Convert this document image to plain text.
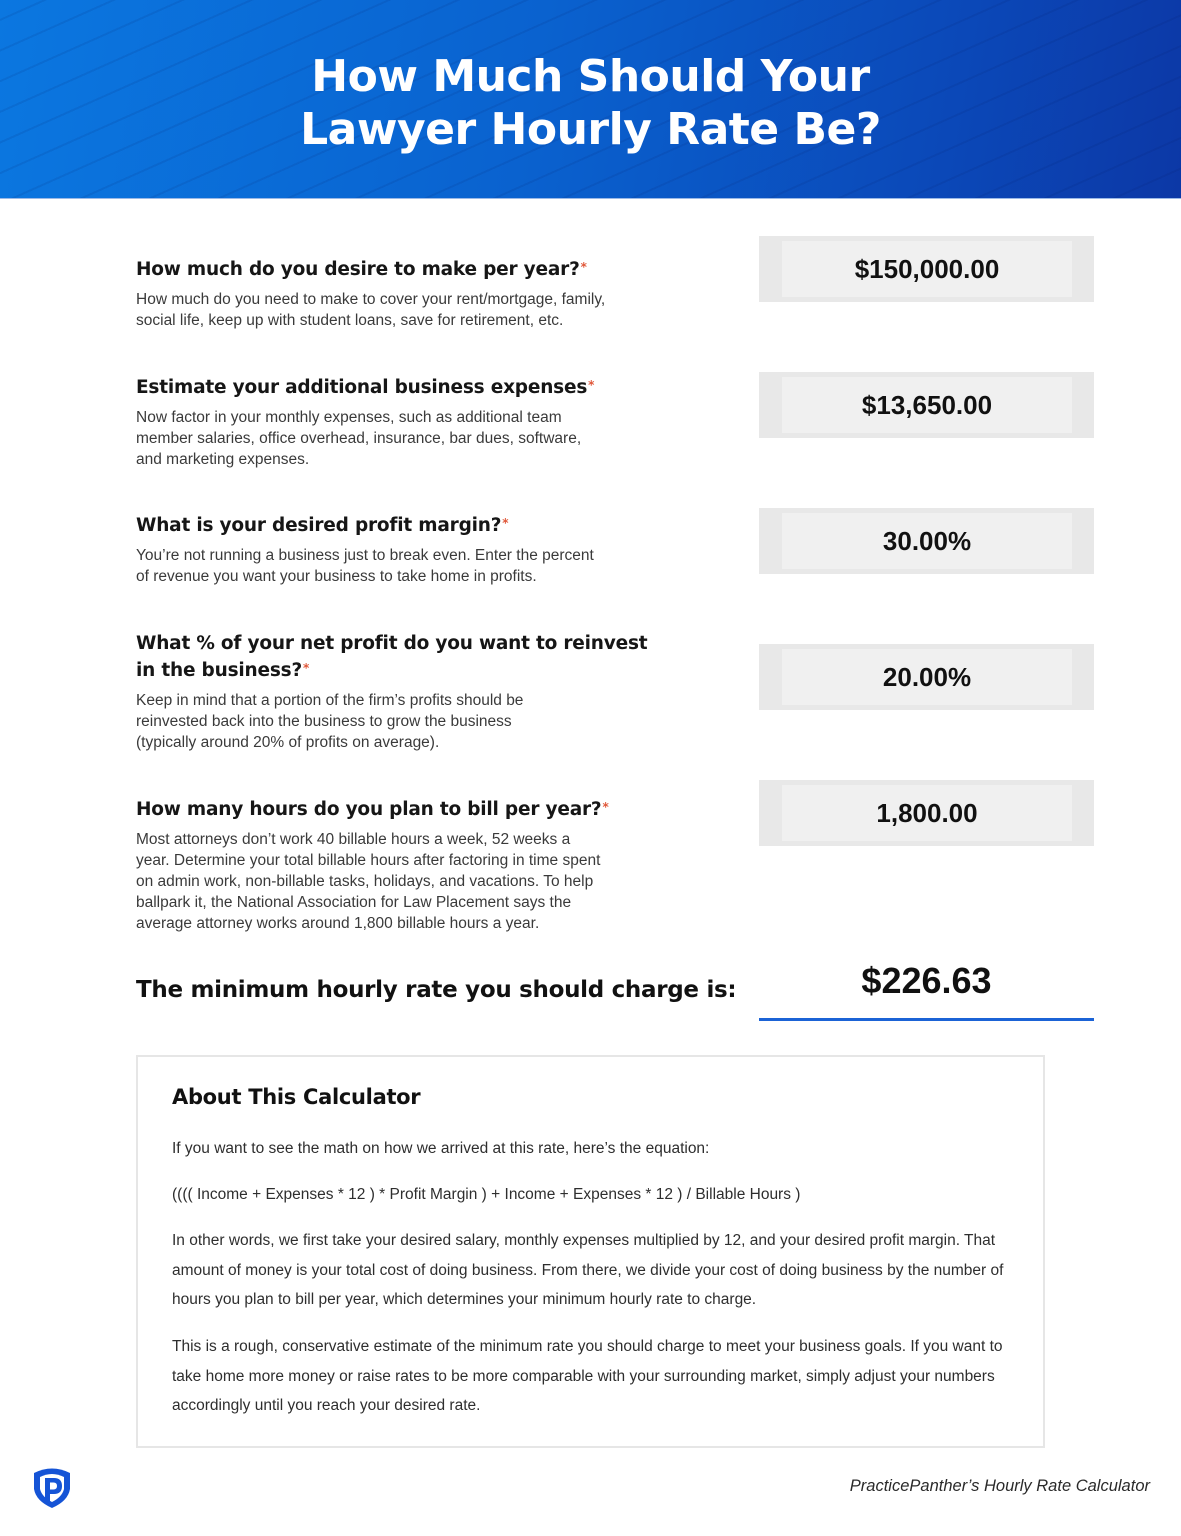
How Much Should Your
Lawyer Hourly Rate Be?
How much do you desire to make per year?*
How much do you need to make to cover your rent/mortgage, family,
social life, keep up with student loans, save for retirement, etc.
$150,000.00
Estimate your additional business expenses*
Now factor in your monthly expenses, such as additional team
member salaries, office overhead, insurance, bar dues, software,
and marketing expenses.
$13,650.00
What is your desired profit margin?*
You’re not running a business just to break even. Enter the percent
of revenue you want your business to take home in profits.
30.00%
What % of your net profit do you want to reinvest
in the business?*
Keep in mind that a portion of the firm’s profits should be
reinvested back into the business to grow the business
(typically around 20% of profits on average).
20.00%
How many hours do you plan to bill per year?*
Most attorneys don’t work 40 billable hours a week, 52 weeks a
year. Determine your total billable hours after factoring in time spent
on admin work, non-billable tasks, holidays, and vacations. To help
ballpark it, the National Association for Law Placement says the
average attorney works around 1,800 billable hours a year.
1,800.00
The minimum hourly rate you should charge is:	$226.63
About This Calculator
If you want to see the math on how we arrived at this rate, here’s the equation:
(((( Income + Expenses * 12 ) * Profit Margin ) + Income + Expenses * 12 ) / Billable Hours )
In other words, we first take your desired salary, monthly expenses multiplied by 12, and your desired profit margin. That amount of money is your total cost of doing business. From there, we divide your cost of doing business by the number of hours you plan to bill per year, which determines your minimum hourly rate to charge.
This is a rough, conservative estimate of the minimum rate you should charge to meet your business goals. If you want to take home more money or raise rates to be more comparable with your surrounding market, simply adjust your numbers accordingly until you reach your desired rate.
PracticePanther’s Hourly Rate Calculator
